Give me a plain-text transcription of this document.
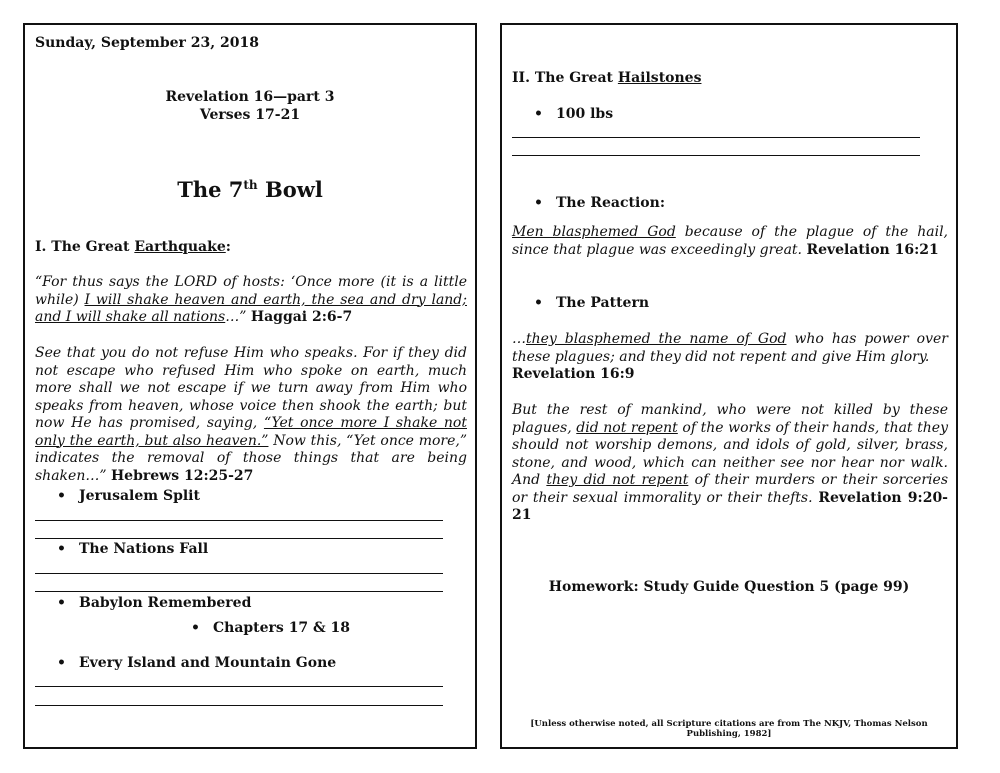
Sunday, September 23, 2018
Revelation 16—part 3
Verses 17-21
The 7th Bowl
I. The Great Earthquake:
“For thus says the LORD of hosts: ‘Once more (it is a little while) I will shake heaven and earth, the sea and dry land; and I will shake all nations…” Haggai 2:6-7
See that you do not refuse Him who speaks. For if they did not escape who refused Him who spoke on earth, much more shall we not escape if we turn away from Him who speaks from heaven, whose voice then shook the earth; but now He has promised, saying, “Yet once more I shake not only the earth, but also heaven.” Now this, “Yet once more,” indicates the removal of those things that are being shaken…” Hebrews 12:25-27
• Jerusalem Split
• The Nations Fall
• Babylon Remembered
• Chapters 17 & 18
• Every Island and Mountain Gone
II. The Great Hailstones
• 100 lbs
• The Reaction:
Men blasphemed God because of the plague of the hail, since that plague was exceedingly great. Revelation 16:21
• The Pattern
…they blasphemed the name of God who has power over these plagues; and they did not repent and give Him glory.
Revelation 16:9
But the rest of mankind, who were not killed by these plagues, did not repent of the works of their hands, that they should not worship demons, and idols of gold, silver, brass, stone, and wood, which can neither see nor hear nor walk. And they did not repent of their murders or their sorceries or their sexual immorality or their thefts. Revelation 9:20-21
Homework: Study Guide Question 5 (page 99)
[Unless otherwise noted, all Scripture citations are from The NKJV, Thomas Nelson Publishing, 1982]
